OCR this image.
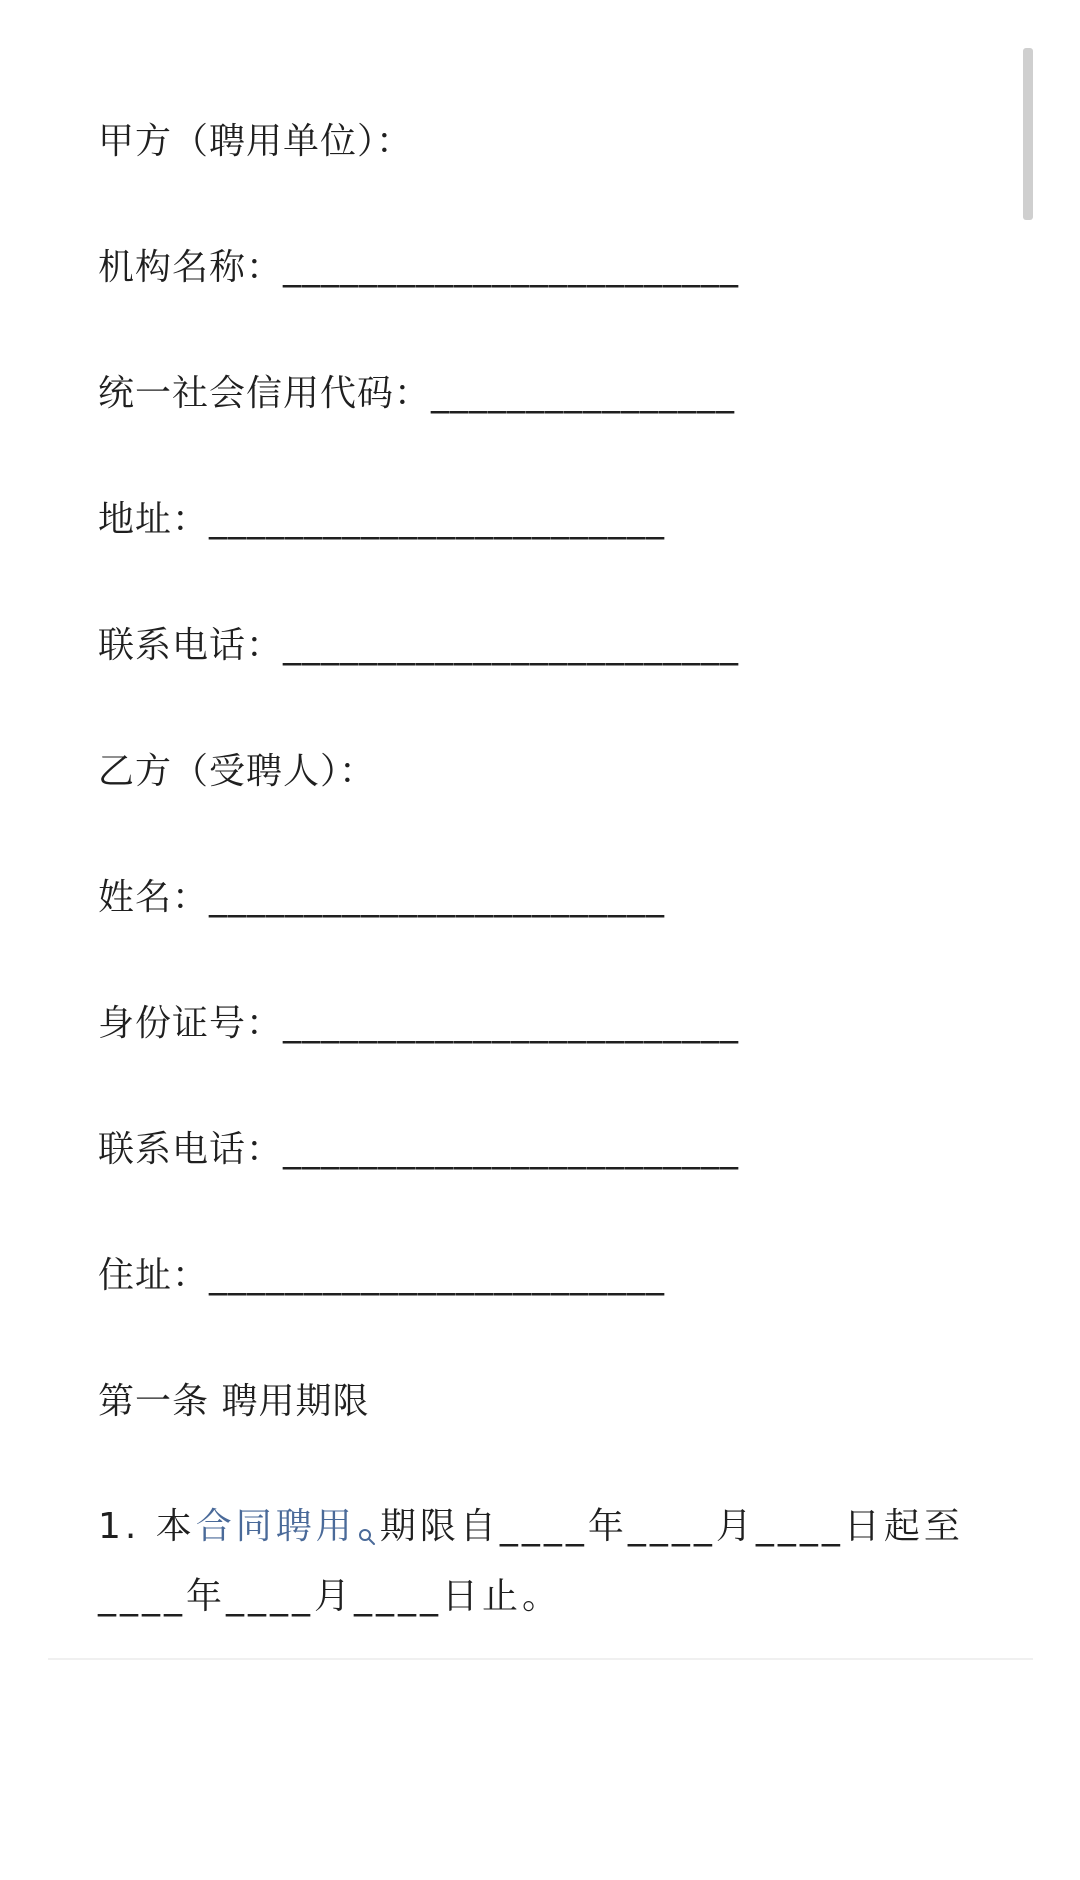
甲方（聘用单位）：
机构名称：________________________
统一社会信用代码：________________
地址：________________________
联系电话：________________________
乙方（受聘人）：
姓名：________________________
身份证号：________________________
联系电话：________________________
住址：________________________
第一条 聘用期限
1. 本合同聘用 期限自____年____月____日起至____年____月____日止。
